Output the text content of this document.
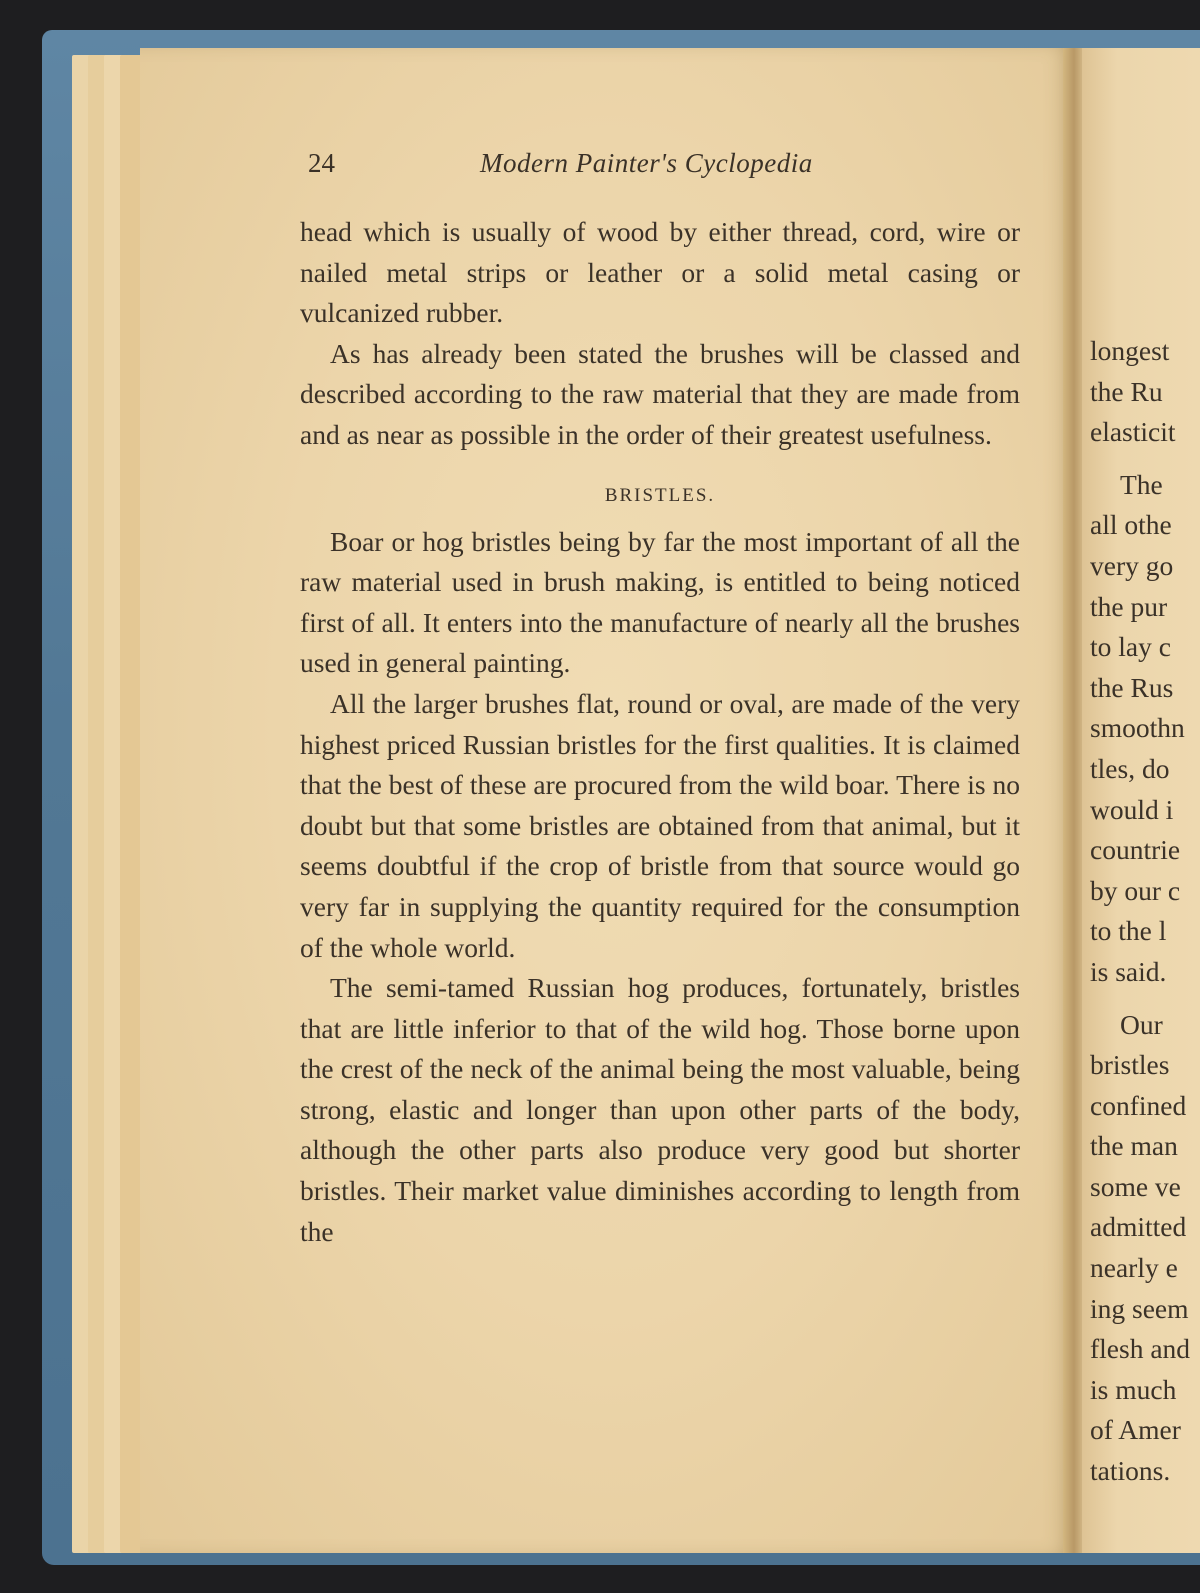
24	Modern Painter's Cyclopedia

head which is usually of wood by either thread, cord, wire or nailed metal strips or leather or a solid metal casing or vulcanized rubber.

As has already been stated the brushes will be classed and described according to the raw material that they are made from and as near as possible in the order of their greatest usefulness.

BRISTLES.

Boar or hog bristles being by far the most important of all the raw material used in brush making, is entitled to being noticed first of all. It enters into the manufacture of nearly all the brushes used in general painting.

All the larger brushes flat, round or oval, are made of the very highest priced Russian bristles for the first qualities. It is claimed that the best of these are procured from the wild boar. There is no doubt but that some bristles are obtained from that animal, but it seems doubtful if the crop of bristle from that source would go very far in supplying the quantity required for the consumption of the whole world.

The semi-tamed Russian hog produces, fortunately, bristles that are little inferior to that of the wild hog. Those borne upon the crest of the neck of the animal being the most valuable, being strong, elastic and longer than upon other parts of the body, although the other parts also produce very good but shorter bristles. Their market value diminishes according to length from the

longest
the Ru
elasticit
The
all othe
very go
the pur
to lay c
the Rus
smoothn
tles, do
would i
countrie
by our c
to the l
is said.
Our
bristles
confined
the man
some ve
admitted
nearly e
ing seem
flesh and
is much
of Amer
tations.
